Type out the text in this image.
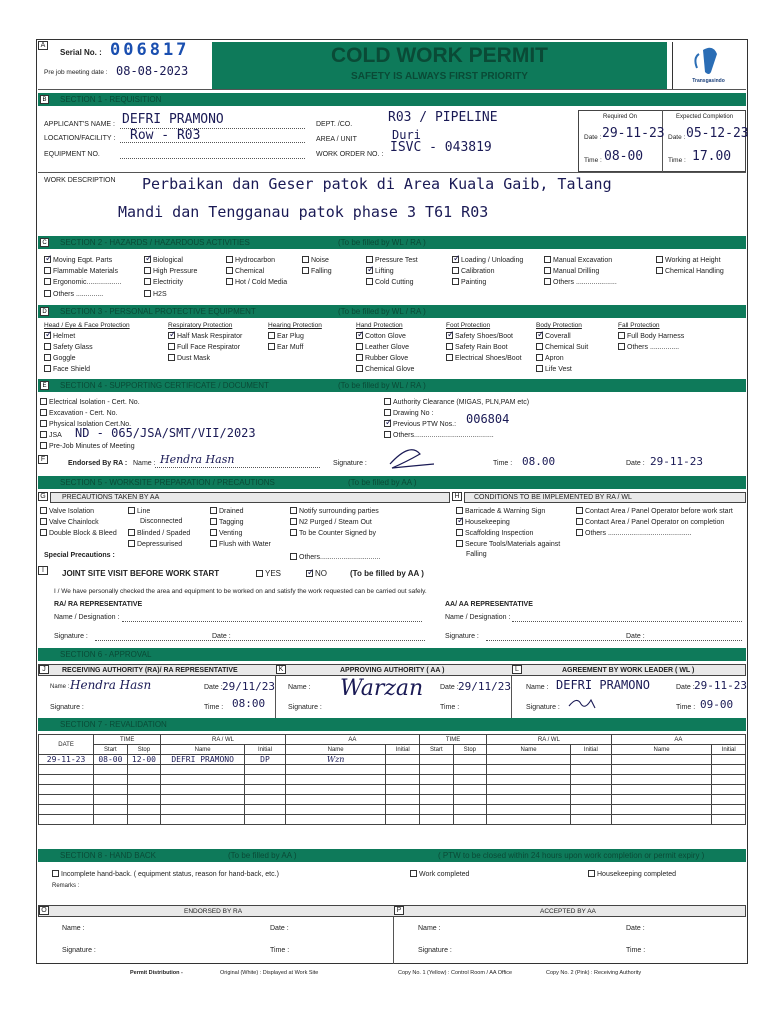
A
Serial No. : 006817
Pre job meeting date : 08-08-2023
COLD WORK PERMIT
SAFETY IS ALWAYS FIRST PRIORITY	Transgasindo
B	SECTION 1 - REQUISITION
APPLICANT'S NAME : DEFRI PRAMONO
LOCATION/FACILITY : Row - R03
EQUIPMENT NO.
DEPT. /CO.	R03 / PIPELINE
AREA / UNIT	Duri
WORK ORDER NO. : ISVC - 043819
Required On	Expected Completion
Date : 29-11-23
Time : 08-00
Date : 05-12-23
Time : 17.00
WORK DESCRIPTION Perbaikan dan Geser patok di Area Kuala Gaib, Talang
Mandi dan Tengganau patok phase 3 T61 R03
C SECTION 2 - HAZARDS / HAZARDOUS ACTIVITIES	(To be filled by WL / RA )
✓Moving Eqpt. Parts ✓	Biological	Hydrocarbon	Noise	Pressure Test ✓	Loading / Unloading	Manual Excavation	Working at Height
Flammable Materials	High Pressure	Chemical	Falling ✓	Lifting	Calibration	Manual Drilling	Chemical Handling
Ergonomic..................	Electricity	Hot / Cold Media	Cold Cutting	Painting	Others .....................
Others ..............	H2S
D SECTION 3 - PERSONAL PROTECTIVE EQUIPMENT	(To be filled by WL / RA )
Head / Eye & Face Protection
✓Helmet
Safety Glass
Goggle
Face Shield
Respiratory Protection
✓Half Mask Respirator
Full Face Respirator
Dust Mask
Hearing Protection
Ear Plug
Ear Muff
Hand Protection
✓Cotton Glove
Leather Glove
Rubber Glove
Chemical Glove
Foot Protection
✓Safety Shoes/Boot
Safety Rain Boot
Electrical Shoes/Boot
Body Protection
✓Coverall
Chemical Suit
Apron
Life Vest
Fall Protection
Full Body Harness
Others ...............
E	SECTION 4 - SUPPORTING CERTIFICATE / DOCUMENT	(To be filled by WL / RA )
Electrical Isolation - Cert. No.
Excavation - Cert. No.
Physical Isolation Cert.No.
JSA
Pre-Job Minutes of Meeting
Authority Clearance (MIGAS, PLN,PAM etc)
Drawing No :
✓Previous PTW Nos.:
Others.........................................
ND - 065/JSA/SMT/VII/2023
006804
F
Endorsed By RA : Name : Hendra Hasn	Signature :	Time : 08.00	Date : 29-11-23
SECTION 5 - WORKSITE PREPARATION / PRECAUTIONS	(To be filled by AA )
G	PRECAUTIONS TAKEN BY AA	H	CONDITIONS TO BE IMPLEMENTED BY RA / WL
Valve Isolation
Valve Chainlock
Double Block & Bleed
Line
Disconnected
Blinded / Spaded
Depressurised
Drained
Tagging
Venting
Flush with Water
Notify surrounding parties
N2 Purged / Steam Out
To be Counter Signed by
Others...............................
Barricade & Warning Sign
✓Housekeeping
Scaffolding Inspection
Secure Tools/Materials against
Falling
Contact Area / Panel Operator before work start
Contact Area / Panel Operator on completion
Others ...........................................
Special Precautions :
I	JOINT SITE VISIT BEFORE WORK START	YES ✓	NO	(To be filled by AA )
I / We have personally checked the area and equipment to be worked on and satisfy the work requested can be carried out safely.
RA/ RA REPRESENTATIVE	AA/ AA REPRESENTATIVE
Name / Designation :	Name / Designation :
Signature :	Date :	Signature :	Date :
SECTION 6 - APPROVAL
J	RECEIVING AUTHORITY (RA)/ RA REPRESENTATIVE	K	APPROVING AUTHORITY ( AA )	L	AGREEMENT BY WORK LEADER ( WL )
Name : Hendra Hasn	Date : 29/11/23
Signature :	Time : 08:00
Name : Warzan Date : 29/11/23
Signature :	Time :
Name : DEFRI PRAMONO	Date : 29-11-23
Signature :	Time : 09-00
SECTION 7 - REVALIDATION
DATE	TIME		RA / WL		AA		TIME		RA / WL		AA	
	Start	Stop	Name	Initial	Name	Initial	Start	Stop	Name	Initial	Name	Initial
29-11-23	08-00	12-00	DEFRI PRAMONO	DP	Wzn							

SECTION 8 - HAND BACK	(To be filled by AA )	( PTW to be closed within 24 hours upon work completion or permit expiry )
Incomplete hand-back. ( equipment status, reason for hand-back, etc.)	Work completed	Housekeeping completed
Remarks :
O	ENDORSED BY RA	P	ACCEPTED BY AA
Name :	Date :
Signature :	Time :
Name :	Date :
Signature :	Time :
Permit Distribution -	Original (White) : Displayed at Work Site	Copy No. 1 (Yellow) : Control Room / AA Office	Copy No. 2 (Pink) : Receiving Authority
